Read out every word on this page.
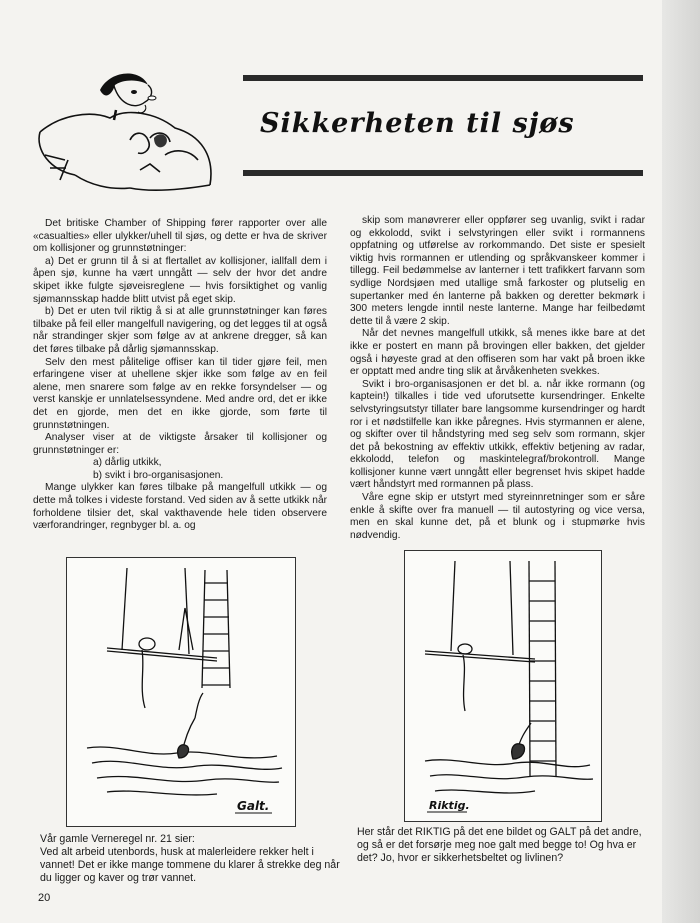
Sikkerheten til sjøs

Det britiske Chamber of Shipping fører rapporter over alle «casualties» eller ulykker/uhell til sjøs, og dette er hva de skriver om kollisjoner og grunnstøtninger:

a) Det er grunn til å si at flertallet av kollisjoner, iallfall dem i åpen sjø, kunne ha vært unngått — selv der hvor det andre skipet ikke fulgte sjøveisreglene — hvis forsiktighet og vanlig sjømannsskap hadde blitt utvist på eget skip.

b) Det er uten tvil riktig å si at alle grunnstøtninger kan føres tilbake på feil eller mangelfull navigering, og det legges til at også når strandinger skjer som følge av at ankrene dregger, så kan det føres tilbake på dårlig sjømannsskap.

Selv den mest pålitelige offiser kan til tider gjøre feil, men erfaringene viser at uhellene skjer ikke som følge av en feil alene, men snarere som følge av en rekke forsyndelser — og verst kanskje er unnlatelsessyndene. Med andre ord, det er ikke det en gjorde, men det en ikke gjorde, som førte til grunnstøtningen.

Analyser viser at de viktigste årsaker til kollisjoner og grunnstøtninger er:

a) dårlig utkikk,

b) svikt i bro-organisasjonen.

Mange ulykker kan føres tilbake på mangelfull utkikk — og dette må tolkes i videste forstand. Ved siden av å sette utkikk når forholdene tilsier det, skal vakthavende hele tiden observere værforandringer, regnbyger bl. a. og

skip som manøvrerer eller oppfører seg uvanlig, svikt i radar og ekkolodd, svikt i selvstyringen eller svikt i rormannens oppfatning og utførelse av rorkommando. Det siste er spesielt viktig hvis rormannen er utlending og språkvanskeer kommer i tillegg. Feil bedømmelse av lanterner i tett trafikkert farvann som sydlige Nordsjøen med utallige små farkoster og plutselig en supertanker med én lanterne på bakken og deretter bekmørk i 300 meters lengde inntil neste lanterne. Mange har feilbedømt dette til å være 2 skip.

Når det nevnes mangelfull utkikk, så menes ikke bare at det ikke er postert en mann på brovingen eller bakken, det gjelder også i høyeste grad at den offiseren som har vakt på broen ikke er opptatt med andre ting slik at årvåkenheten svekkes.

Svikt i bro-organisasjonen er det bl. a. når ikke rormann (og kaptein!) tilkalles i tide ved uforutsette kursendringer. Enkelte selvstyringsutstyr tillater bare langsomme kursendringer og hardt ror i et nødstilfelle kan ikke påregnes. Hvis styrmannen er alene, og skifter over til håndstyring med seg selv som rormann, skjer det på bekostning av effektiv utkikk, effektiv betjening av radar, ekkolodd, telefon og maskintelegraf/brokontroll. Mange kollisjoner kunne vært unngått eller begrenset hvis skipet hadde vært håndstyrt med rormannen på plass.

Våre egne skip er utstyrt med styreinnretninger som er såre enkle å skifte over fra manuell — til autostyring og vice versa, men en skal kunne det, på et blunk og i stupmørke hvis nødvendig.

Galt.	Riktig.
Vår gamle Verneregel nr. 21 sier:
Ved alt arbeid utenbords, husk at malerleidere rekker helt i vannet! Det er ikke mange tommene du klarer å strekke deg når du ligger og kaver og trør vannet.
Her står det RIKTIG på det ene bildet og GALT på det andre, og så er det forsørje meg noe galt med begge to! Og hva er det? Jo, hvor er sikkerhetsbeltet og livlinen?
20
